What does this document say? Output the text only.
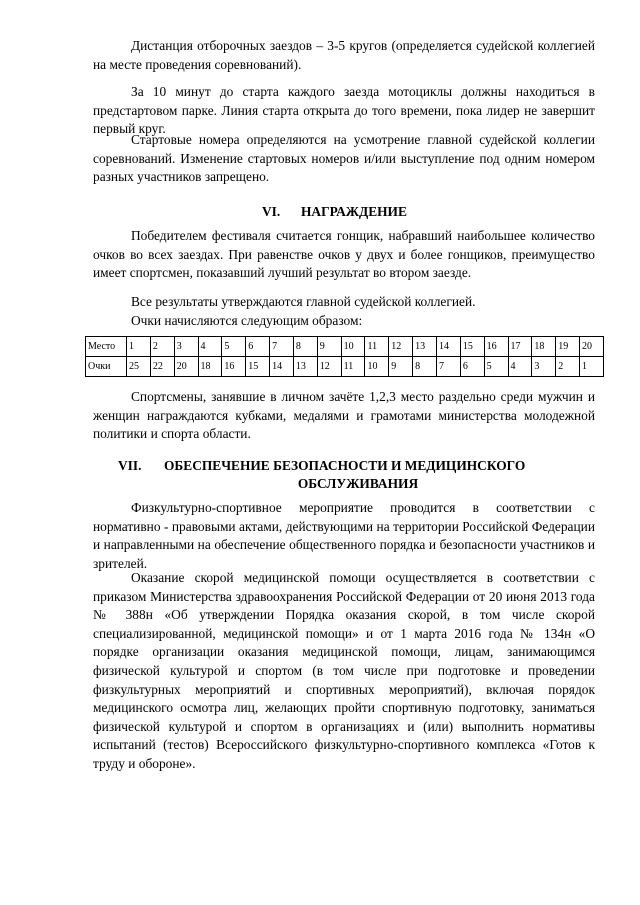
Дистанция отборочных заездов – 3-5 кругов (определяется судейской коллегией на месте проведения соревнований).

За 10 минут до старта каждого заезда мотоциклы должны находиться в предстартовом парке. Линия старта открыта до того времени, пока лидер не завершит первый круг.

Стартовые номера определяются на усмотрение главной судейской коллегии соревнований. Изменение стартовых номеров и/или выступление под одним номером разных участников запрещено.

VI. НАГРАЖДЕНИЕ

Победителем фестиваля считается гонщик, набравший наибольшее количество очков во всех заездах. При равенстве очков у двух и более гонщиков, преимущество имеет спортсмен, показавший лучший результат во втором заезде.

Все результаты утверждаются главной судейской коллегией.

Очки начисляются следующим образом:

Место	1	2	3	4	5	6	7	8	9	10	11	12	13	14	15	16	17	18	19	20
Очки	25	22	20	18	16	15	14	13	12	11	10	9	8	7	6	5	4	3	2	1

Спортсмены, занявшие в личном зачёте 1,2,3 место раздельно среди мужчин и женщин награждаются кубками, медалями и грамотами министерства молодежной политики и спорта области.

VII. ОБЕСПЕЧЕНИЕ БЕЗОПАСНОСТИ И МЕДИЦИНСКОГО
ОБСЛУЖИВАНИЯ

Физкультурно-спортивное мероприятие проводится в соответствии с нормативно - правовыми актами, действующими на территории Российской Федерации и направленными на обеспечение общественного порядка и безопасности участников и зрителей.

Оказание скорой медицинской помощи осуществляется в соответствии с приказом Министерства здравоохранения Российской Федерации от 20 июня 2013 года № 388н «Об утверждении Порядка оказания скорой, в том числе скорой специализированной, медицинской помощи» и от 1 марта 2016 года № 134н «О порядке организации оказания медицинской помощи, лицам, занимающимся физической культурой и спортом (в том числе при подготовке и проведении физкультурных мероприятий и спортивных мероприятий), включая порядок медицинского осмотра лиц, желающих пройти спортивную подготовку, заниматься физической культурой и спортом в организациях и (или) выполнить нормативы испытаний (тестов) Всероссийского физкультурно-спортивного комплекса «Готов к труду и обороне».
